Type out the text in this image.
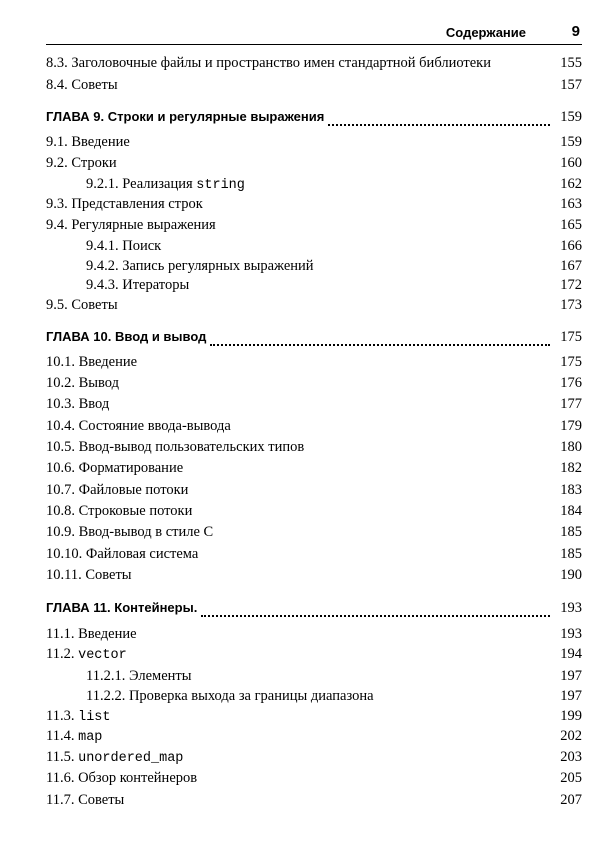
Содержание	9
8.3. Заголовочные файлы и пространство имен стандартной библиотеки	155
8.4. Советы	157
ГЛАВА 9. Строки и регулярные выражения	159
9.1. Введение	159
9.2. Строки	160
9.2.1. Реализация string	162
9.3. Представления строк	163
9.4. Регулярные выражения	165
9.4.1. Поиск	166
9.4.2. Запись регулярных выражений	167
9.4.3. Итераторы	172
9.5. Советы	173
ГЛАВА 10. Ввод и вывод	175
10.1. Введение	175
10.2. Вывод	176
10.3. Ввод	177
10.4. Состояние ввода-вывода	179
10.5. Ввод-вывод пользовательских типов	180
10.6. Форматирование	182
10.7. Файловые потоки	183
10.8. Строковые потоки	184
10.9. Ввод-вывод в стиле C	185
10.10. Файловая система	185
10.11. Советы	190
ГЛАВА 11. Контейнеры.	193
11.1. Введение	193
11.2. vector	194
11.2.1. Элементы	197
11.2.2. Проверка выхода за границы диапазона	197
11.3. list	199
11.4. map	202
11.5. unordered_map	203
11.6. Обзор контейнеров	205
11.7. Советы	207
